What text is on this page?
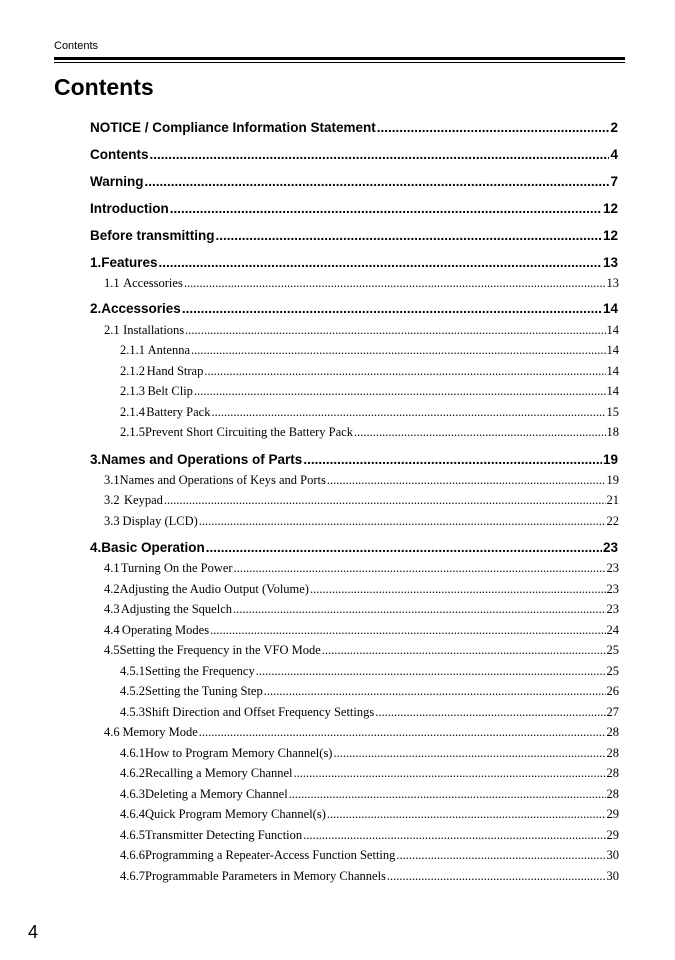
Contents
Contents
NOTICE / Compliance Information Statement .....	2
Contents .....	4
Warning .....	7
Introduction .....	12
Before transmitting .....	12
1.Features .....	13
1.1 Accessories .....	13
2.Accessories .....	14
2.1 Installations .....	14
2.1.1 Antenna .....	14
2.1.2 Hand Strap .....	14
2.1.3 Belt Clip .....	14
2.1.4 Battery Pack .....	15
2.1.5 Prevent Short Circuiting the Battery Pack .....	18
3.Names and Operations of Parts .....	19
3.1 Names and Operations of Keys and Ports .....	19
3.2 Keypad .....	21
3.3 Display (LCD) .....	22
4.Basic Operation .....	23
4.1 Turning On the Power .....	23
4.2 Adjusting the Audio Output (Volume) .....	23
4.3 Adjusting the Squelch .....	23
4.4 Operating Modes .....	24
4.5 Setting the Frequency in the VFO Mode .....	25
4.5.1 Setting the Frequency .....	25
4.5.2 Setting the Tuning Step .....	26
4.5.3 Shift Direction and Offset Frequency Settings .....	27
4.6 Memory Mode .....	28
4.6.1 How to Program Memory Channel(s) .....	28
4.6.2 Recalling a Memory Channel .....	28
4.6.3 Deleting a Memory Channel .....	28
4.6.4 Quick Program Memory Channel(s) .....	29
4.6.5 Transmitter Detecting Function .....	29
4.6.6 Programming a Repeater-Access Function Setting .....	30
4.6.7 Programmable Parameters in Memory Channels .....	30
4
